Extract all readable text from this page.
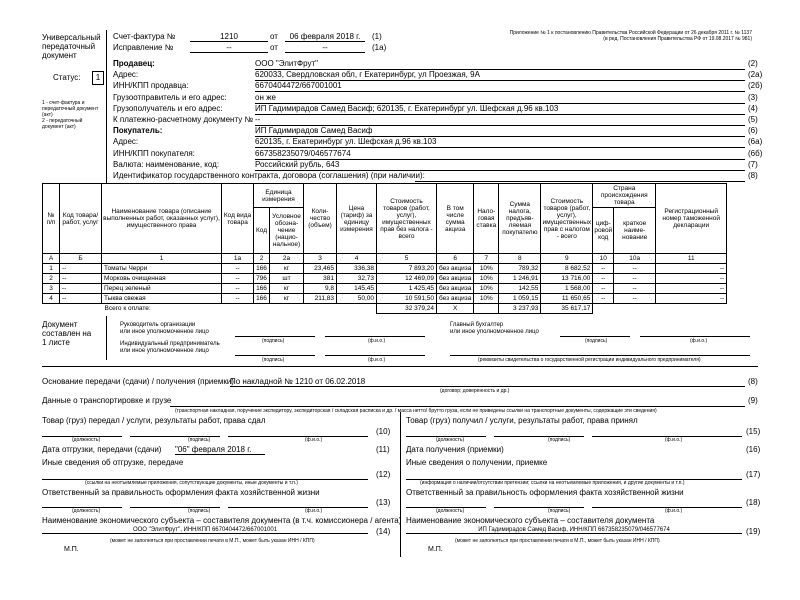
Универсальный
передаточный
документ
Статус:	1
1 - счет-фактура и
передаточный документ
(акт)
2 - передаточный
документ (акт)
Приложение № 1 к постановлению Правительства Российской Федерации от 26 декабря 2011 г. № 1137
(в ред. Постановления Правительства РФ от 19.08.2017 № 981)
Счет-фактура №	1210	от	06 февраля 2018 г.	(1)
Исправление №	--	от	--	(1а)
Продавец:	ООО "ЭлитФрут"	(2)
Адрес:	620033, Свердловская обл, г Екатеринбург, ул Проезжая, 9А	(2а)
ИНН/КПП продавца:	6670404472/667001001	(2б)
Грузоотправитель и его адрес:	он же	(3)
Грузополучатель и его адрес:	ИП Гадимирадов Самед Васиф; 620135, г. Екатеринбург ул. Шефская д.96 кв.103	(4)
К платежно-расчетному документу № --	(5)
Покупатель:	ИП Гадимирадов Самед Васиф	(6)
Адрес:	620135, г. Екатеринбург ул. Шефская д.96 кв.103	(6а)
ИНН/КПП покупателя:	667358235079/046577674	(6б)
Валюта: наименование, код:	Российский рубль, 643	(7)
Идентификатор государственного контракта, договора (соглашения) (при наличии):	(8)
№ п/п	Код товара/ работ, услуг	Наименование товара (описание выполненных работ, оказанных услуг), имущественного права	Код вида товара	Единица измерения		Коли-чество (объем)	Цена (тариф) за единицу измерения	Стоимость товаров (работ, услуг), имущественных прав без налога - всего	В том числе сумма акциза	Нало-говая ставка	Сумма налога, предъяв-ляемая покупателю	Стоимость товаров (работ, услуг), имущественных прав с налогом - всего	Страна происхождения товара		Регистрационный номер таможенной декларации
				Код	Условное обозна-чение (нацио-нальное)								циф-ровой код	краткое наиме-нование	
А	Б	1	1а	2	2а	3	4	5	6	7	8	9	10	10а	11
1	--	Томаты Черри	--	166	кг	23,465	336,38	7 893,20	без акциза	10%	789,32	8 682,52	--	--	--
2	--	Морковь очищенная	--	796	шт	381	32,73	12 469,09	без акциза	10%	1 246,91	13 716,00	--	--	--
3	--	Перец зеленый	--	166	кг	9,8	145,45	1 425,45	без акциза	10%	142,55	1 568,00	--	--	--
4	--	Тыква свежая	--	166	кг	211,83	50,00	10 591,50	без акциза	10%	1 059,15	11 650,65	--	--	--
Всего к оплате:								32 379,24	X		3 237,93	35 617,17			
Документ
составлен на
1 листе
Руководитель организации
или иное уполномоченное лицо
(подпись)	(ф.и.о.)
Главный бухгалтер
или иное уполномоченное лицо
(подпись)	(ф.и.о.)
Индивидуальный предприниматель
или иное уполномоченное лицо
(подпись)	(ф.и.о.)	(реквизиты свидетельства о государственной регистрации индивидуального предпринимателя)
Основание передачи (сдачи) / получения (приемки)
По накладной № 1210 от 06.02.2018	(8)
(договор; доверенность и др.)
Данные о транспортировке и грузе	(9)
(транспортная накладная, поручение экспедитору, экспедиторская / складская расписка и др. / масса нетто/ брутто груза, если не приведены ссылки на транспортные документы, содержащие эти сведения)
Товар (груз) передал / услуги, результаты работ, права сдал
(10)
(должность)	(подпись)	(ф.и.о.)
Дата отгрузки, передачи (сдачи) "06" февраля 2018 г.	(11)
Иные сведения об отгрузке, передаче
(12)
(ссылки на неотъемлемые приложения, сопутствующие документы, иные документы и т.п.)
Ответственный за правильность оформления факта хозяйственной жизни
(13)
(должность)	(подпись)	(ф.и.о.)
Наименование экономического субъекта – составителя документа (в т.ч. комиссионера / агента)
ООО "ЭлитФрут", ИНН/КПП 6670404472/667001001	(14)
(может не заполняться при проставлении печати в М.П., может быть указан ИНН / КПП)
М.П.
Товар (груз) получил / услуги, результаты работ, права принял
(15)
(должность)	(подпись)	(ф.и.о.)
Дата получения (приемки)	(16)
Иные сведения о получении, приемке
(17)
(информация о наличии/отсутствии претензии; ссылки на неотъемлемые приложения, и другие документы и т.п.)
Ответственный за правильность оформления факта хозяйственной жизни
(18)
(должность)	(подпись)	(ф.и.о.)
Наименование экономического субъекта – составителя документа
ИП Гадимирадов Самед Васиф, ИНН/КПП 667358235079/046577674	(19)
(может не заполняться при проставлении печати в М.П., может быть указан ИНН / КПП)
М.П.
